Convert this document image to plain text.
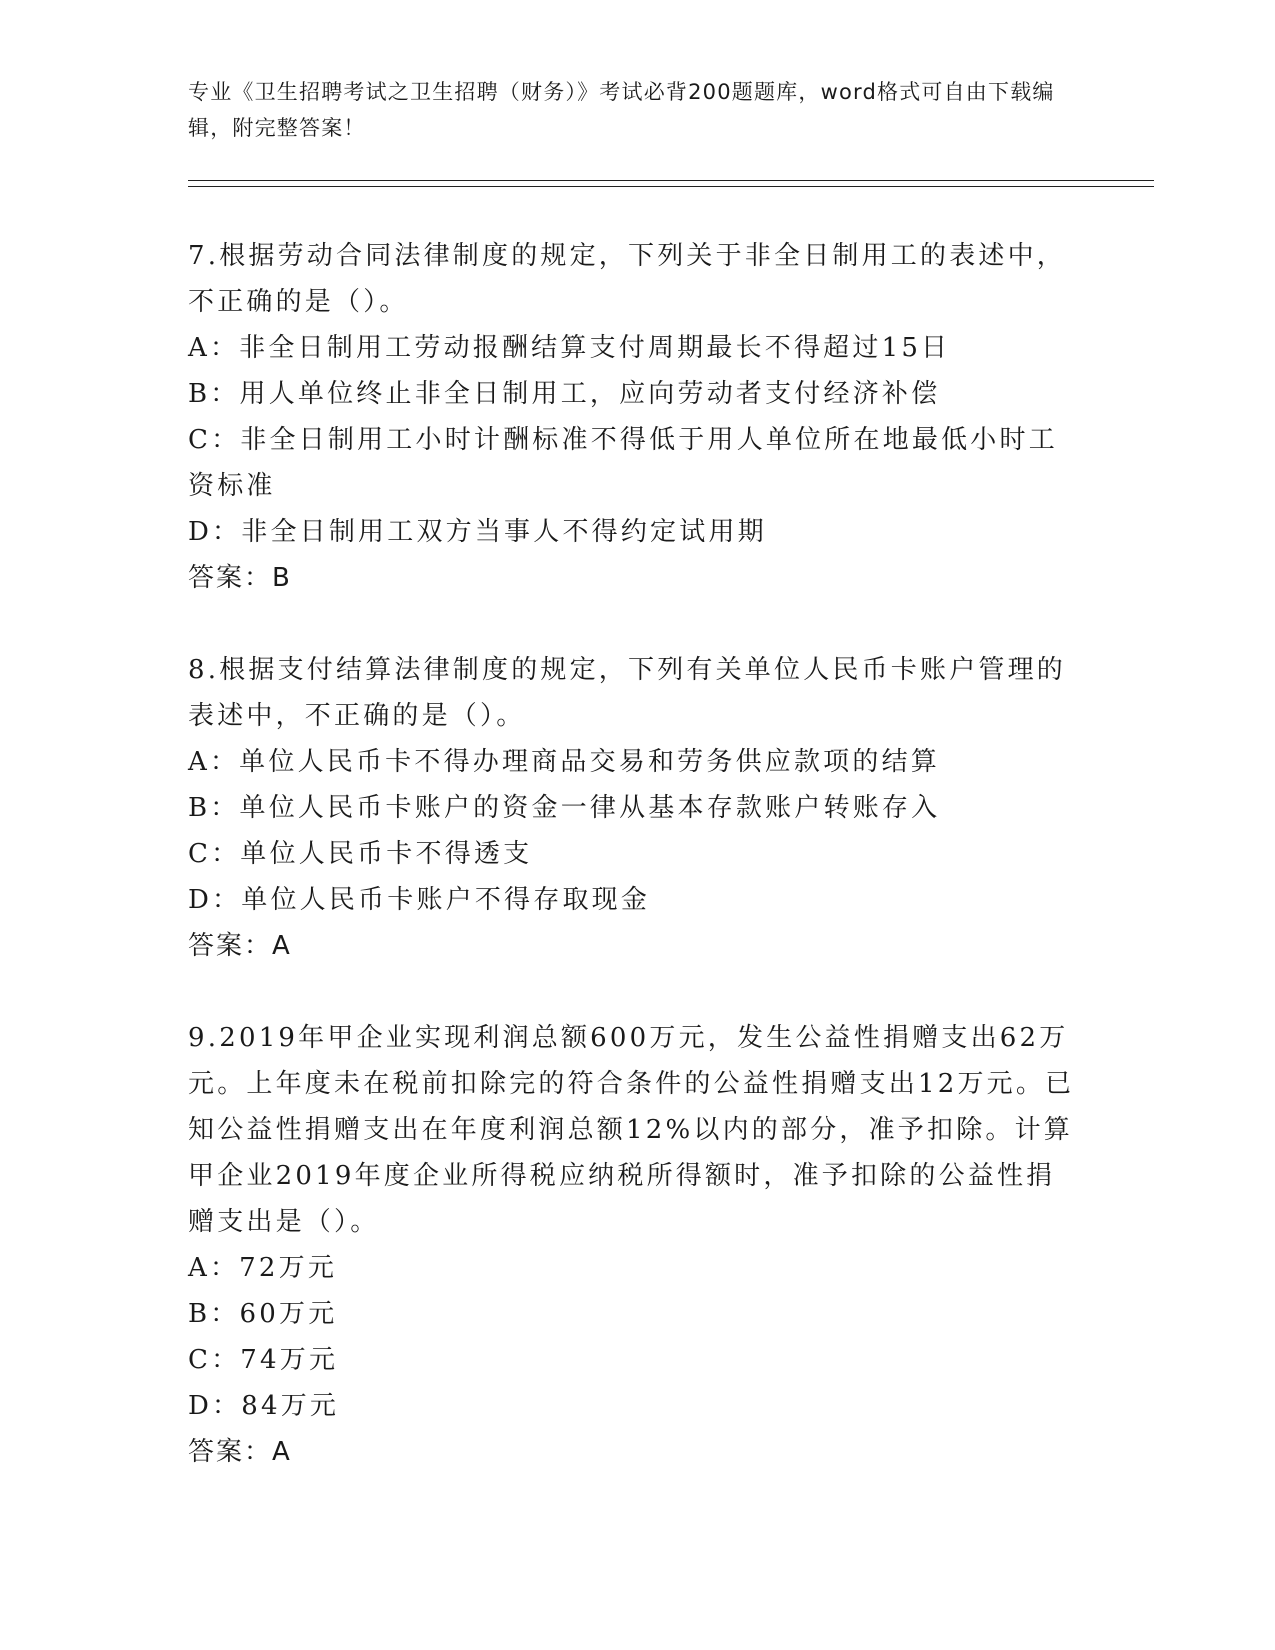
专业《卫生招聘考试之卫生招聘（财务）》考试必背200题题库，word格式可自由下载编辑，附完整答案！

7.根据劳动合同法律制度的规定，下列关于非全日制用工的表述中，不正确的是（）。

A：非全日制用工劳动报酬结算支付周期最长不得超过15日

B：用人单位终止非全日制用工，应向劳动者支付经济补偿

C：非全日制用工小时计酬标准不得低于用人单位所在地最低小时工资标准

D：非全日制用工双方当事人不得约定试用期

答案：B

8.根据支付结算法律制度的规定，下列有关单位人民币卡账户管理的表述中，不正确的是（）。

A：单位人民币卡不得办理商品交易和劳务供应款项的结算

B：单位人民币卡账户的资金一律从基本存款账户转账存入

C：单位人民币卡不得透支

D：单位人民币卡账户不得存取现金

答案：A

9.2019年甲企业实现利润总额600万元，发生公益性捐赠支出62万元。上年度未在税前扣除完的符合条件的公益性捐赠支出12万元。已知公益性捐赠支出在年度利润总额12%以内的部分，准予扣除。计算甲企业2019年度企业所得税应纳税所得额时，准予扣除的公益性捐赠支出是（）。

A：72万元

B：60万元

C：74万元

D：84万元

答案：A
